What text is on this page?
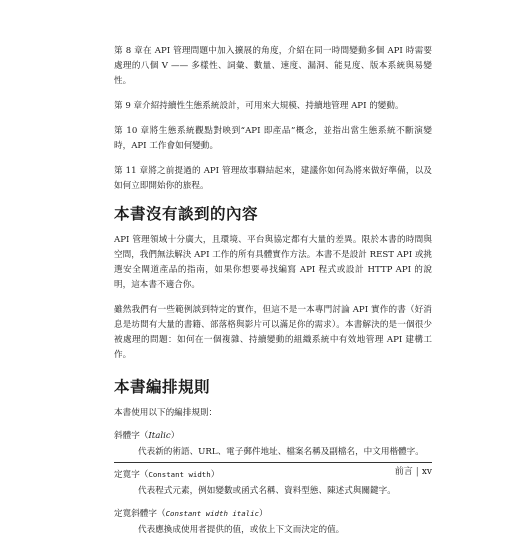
第 8 章在 API 管理問題中加入擴展的角度，介紹在同一時間變動多個 API 時需要處理的八個 V —— 多樣性、詞彙、數量、速度、漏洞、能見度、版本系統與易變性。

第 9 章介紹持續性生態系統設計，可用來大規模、持續地管理 API 的變動。

第 10 章將生態系統觀點對映到“API 即產品”概念，並指出當生態系統不斷演變時，API 工作會如何變動。

第 11 章將之前提過的 API 管理故事聯結起來，建議你如何為將來做好準備，以及如何立即開始你的旅程。

本書沒有談到的內容

API 管理領域十分廣大，且環境、平台與協定都有大量的差異。限於本書的時間與空間，我們無法解決 API 工作的所有具體實作方法。本書不是設計 REST API 或挑選安全閘道產品的指南，如果你想要尋找編寫 API 程式或設計 HTTP API 的說明，這本書不適合你。

雖然我們有一些範例談到特定的實作，但這不是一本專門討論 API 實作的書（好消息是坊間有大量的書籍、部落格與影片可以滿足你的需求）。本書解決的是一個很少被處理的問題：如何在一個複雜、持續變動的組織系統中有效地管理 API 建構工作。

本書編排規則

本書使用以下的編排規則：

斜體字（Italic）

代表新的術語、URL、電子郵件地址、檔案名稱及副檔名，中文用楷體字。

定寬字（Constant width）

代表程式元素，例如變數或函式名稱、資料型態、陳述式與關鍵字。

定寬斜體字（Constant width italic）

代表應換成使用者提供的值，或依上下文而決定的值。

前言 | xv
